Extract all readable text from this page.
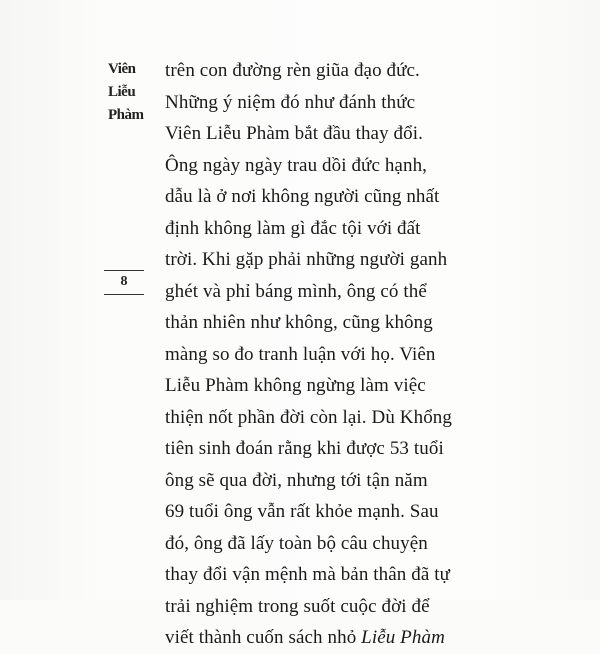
Viên
Liễu
Phàm
8
trên con đường rèn giũa đạo đức.
Những ý niệm đó như đánh thức
Viên Liễu Phàm bắt đầu thay đổi.
Ông ngày ngày trau dồi đức hạnh,
dẫu là ở nơi không người cũng nhất
định không làm gì đắc tội với đất
trời. Khi gặp phải những người ganh
ghét và phỉ báng mình, ông có thể
thản nhiên như không, cũng không
màng so đo tranh luận với họ. Viên
Liễu Phàm không ngừng làm việc
thiện nốt phần đời còn lại. Dù Khổng
tiên sinh đoán rằng khi được 53 tuổi
ông sẽ qua đời, nhưng tới tận năm
69 tuổi ông vẫn rất khỏe mạnh. Sau
đó, ông đã lấy toàn bộ câu chuyện
thay đổi vận mệnh mà bản thân đã tự
trải nghiệm trong suốt cuộc đời để
viết thành cuốn sách nhỏ Liễu Phàm
